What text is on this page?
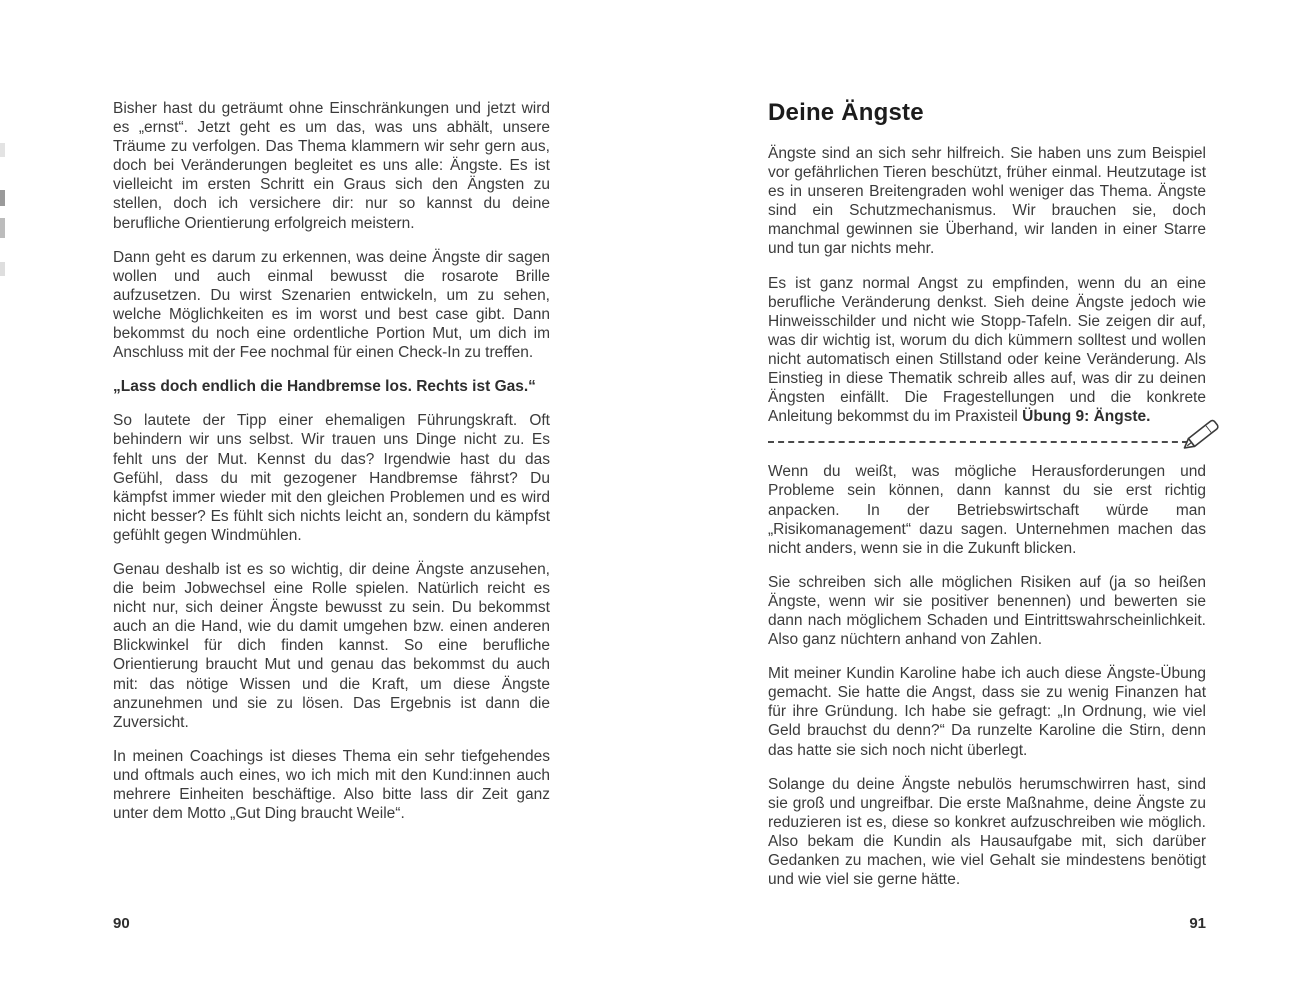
Bisher hast du geträumt ohne Einschränkungen und jetzt wird es „ernst“. Jetzt geht es um das, was uns abhält, unsere Träume zu verfolgen. Das Thema klammern wir sehr gern aus, doch bei Veränderungen begleitet es uns alle: Ängste. Es ist vielleicht im ersten Schritt ein Graus sich den Ängsten zu stellen, doch ich versichere dir: nur so kannst du deine berufliche Orientierung erfolgreich meistern.

Dann geht es darum zu erkennen, was deine Ängste dir sagen wollen und auch einmal bewusst die rosarote Brille aufzusetzen. Du wirst Szenarien entwickeln, um zu sehen, welche Möglichkeiten es im worst und best case gibt. Dann bekommst du noch eine ordentliche Portion Mut, um dich im Anschluss mit der Fee nochmal für einen Check-In zu treffen.

„Lass doch endlich die Handbremse los. Rechts ist Gas.“

So lautete der Tipp einer ehemaligen Führungskraft. Oft behindern wir uns selbst. Wir trauen uns Dinge nicht zu. Es fehlt uns der Mut. Kennst du das? Irgendwie hast du das Gefühl, dass du mit gezogener Handbremse fährst? Du kämpfst immer wieder mit den gleichen Problemen und es wird nicht besser? Es fühlt sich nichts leicht an, sondern du kämpfst gefühlt gegen Windmühlen.

Genau deshalb ist es so wichtig, dir deine Ängste anzusehen, die beim Jobwechsel eine Rolle spielen. Natürlich reicht es nicht nur, sich deiner Ängste bewusst zu sein. Du bekommst auch an die Hand, wie du damit umgehen bzw. einen anderen Blickwinkel für dich finden kannst. So eine berufliche Orientierung braucht Mut und genau das bekommst du auch mit: das nötige Wissen und die Kraft, um diese Ängste anzunehmen und sie zu lösen. Das Ergebnis ist dann die Zuversicht.

In meinen Coachings ist dieses Thema ein sehr tiefgehendes und oftmals auch eines, wo ich mich mit den Kund:innen auch mehrere Einheiten beschäftige. Also bitte lass dir Zeit ganz unter dem Motto „Gut Ding braucht Weile“.

Deine Ängste

Ängste sind an sich sehr hilfreich. Sie haben uns zum Beispiel vor gefährlichen Tieren beschützt, früher einmal. Heutzutage ist es in unseren Breitengraden wohl weniger das Thema. Ängste sind ein Schutzmechanismus. Wir brauchen sie, doch manchmal gewinnen sie Überhand, wir landen in einer Starre und tun gar nichts mehr.

Es ist ganz normal Angst zu empfinden, wenn du an eine berufliche Veränderung denkst. Sieh deine Ängste jedoch wie Hinweisschilder und nicht wie Stopp-Tafeln. Sie zeigen dir auf, was dir wichtig ist, worum du dich kümmern solltest und wollen nicht automatisch einen Stillstand oder keine Veränderung. Als Einstieg in diese Thematik schreib alles auf, was dir zu deinen Ängsten einfällt. Die Fragestellungen und die konkrete Anleitung bekommst du im Praxisteil Übung 9: Ängste.

Wenn du weißt, was mögliche Herausforderungen und Probleme sein können, dann kannst du sie erst richtig anpacken. In der Betriebswirtschaft würde man „Risikomanagement“ dazu sagen. Unternehmen machen das nicht anders, wenn sie in die Zukunft blicken.

Sie schreiben sich alle möglichen Risiken auf (ja so heißen Ängste, wenn wir sie positiver benennen) und bewerten sie dann nach möglichem Schaden und Eintrittswahrscheinlichkeit. Also ganz nüchtern anhand von Zahlen.

Mit meiner Kundin Karoline habe ich auch diese Ängste-Übung gemacht. Sie hatte die Angst, dass sie zu wenig Finanzen hat für ihre Gründung. Ich habe sie gefragt: „In Ordnung, wie viel Geld brauchst du denn?“ Da runzelte Karoline die Stirn, denn das hatte sie sich noch nicht überlegt.

Solange du deine Ängste nebulös herumschwirren hast, sind sie groß und ungreifbar. Die erste Maßnahme, deine Ängste zu reduzieren ist es, diese so konkret aufzuschreiben wie möglich. Also bekam die Kundin als Hausaufgabe mit, sich darüber Gedanken zu machen, wie viel Gehalt sie mindestens benötigt und wie viel sie gerne hätte.

90	91
